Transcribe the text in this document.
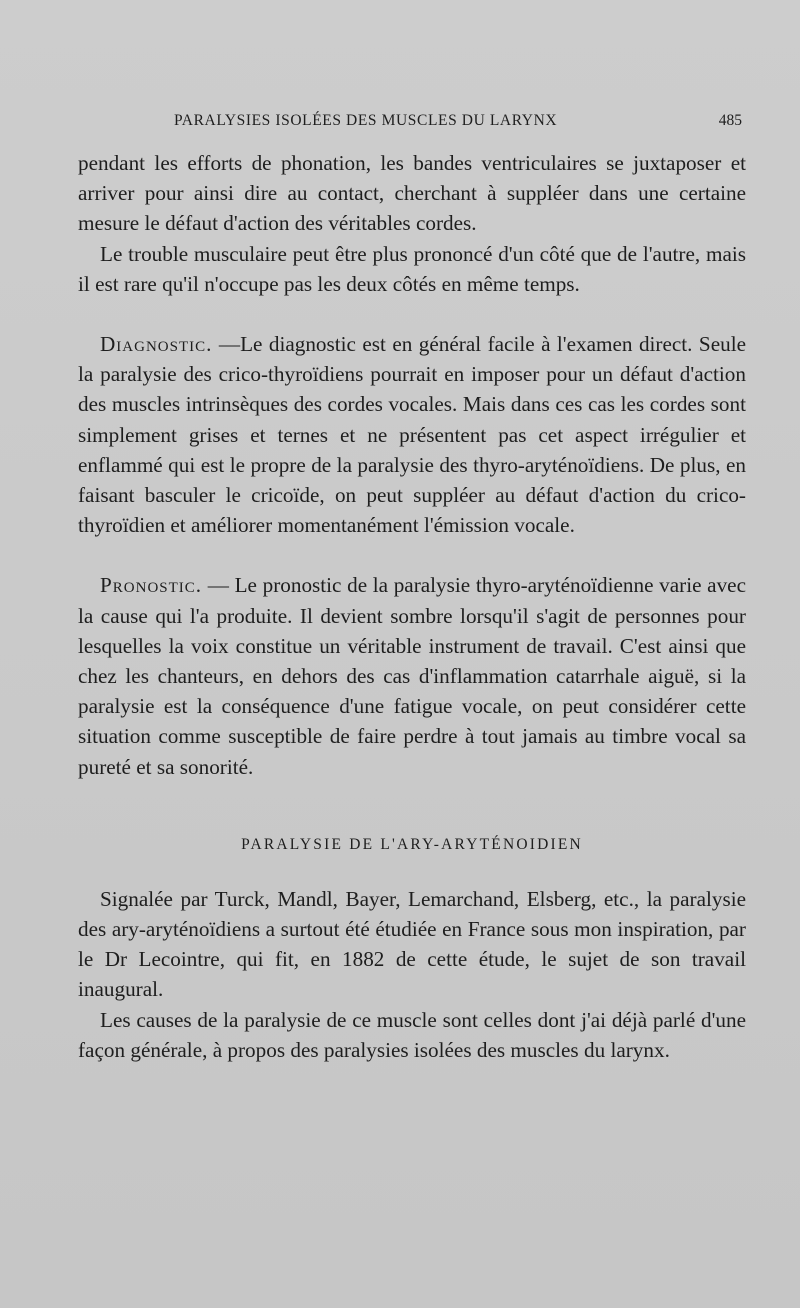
PARALYSIES ISOLÉES DES MUSCLES DU LARYNX	485

pendant les efforts de phonation, les bandes ventriculaires se juxtaposer et arriver pour ainsi dire au contact, cherchant à suppléer dans une certaine mesure le défaut d'action des véritables cordes.

Le trouble musculaire peut être plus prononcé d'un côté que de l'autre, mais il est rare qu'il n'occupe pas les deux côtés en même temps.

Diagnostic. —Le diagnostic est en général facile à l'examen direct. Seule la paralysie des crico-thyroïdiens pourrait en imposer pour un défaut d'action des muscles intrinsèques des cordes vocales. Mais dans ces cas les cordes sont simplement grises et ternes et ne présentent pas cet aspect irrégulier et enflammé qui est le propre de la paralysie des thyro-aryténoïdiens. De plus, en faisant basculer le cricoïde, on peut suppléer au défaut d'action du crico-thyroïdien et améliorer momentanément l'émission vocale.

Pronostic. — Le pronostic de la paralysie thyro-aryténoïdienne varie avec la cause qui l'a produite. Il devient sombre lorsqu'il s'agit de personnes pour lesquelles la voix constitue un véritable instrument de travail. C'est ainsi que chez les chanteurs, en dehors des cas d'inflammation catarrhale aiguë, si la paralysie est la conséquence d'une fatigue vocale, on peut considérer cette situation comme susceptible de faire perdre à tout jamais au timbre vocal sa pureté et sa sonorité.

PARALYSIE DE L'ARY-ARYTÉNOIDIEN

Signalée par Turck, Mandl, Bayer, Lemarchand, Elsberg, etc., la paralysie des ary-aryténoïdiens a surtout été étudiée en France sous mon inspiration, par le Dr Lecointre, qui fit, en 1882 de cette étude, le sujet de son travail inaugural.

Les causes de la paralysie de ce muscle sont celles dont j'ai déjà parlé d'une façon générale, à propos des paralysies isolées des muscles du larynx.
